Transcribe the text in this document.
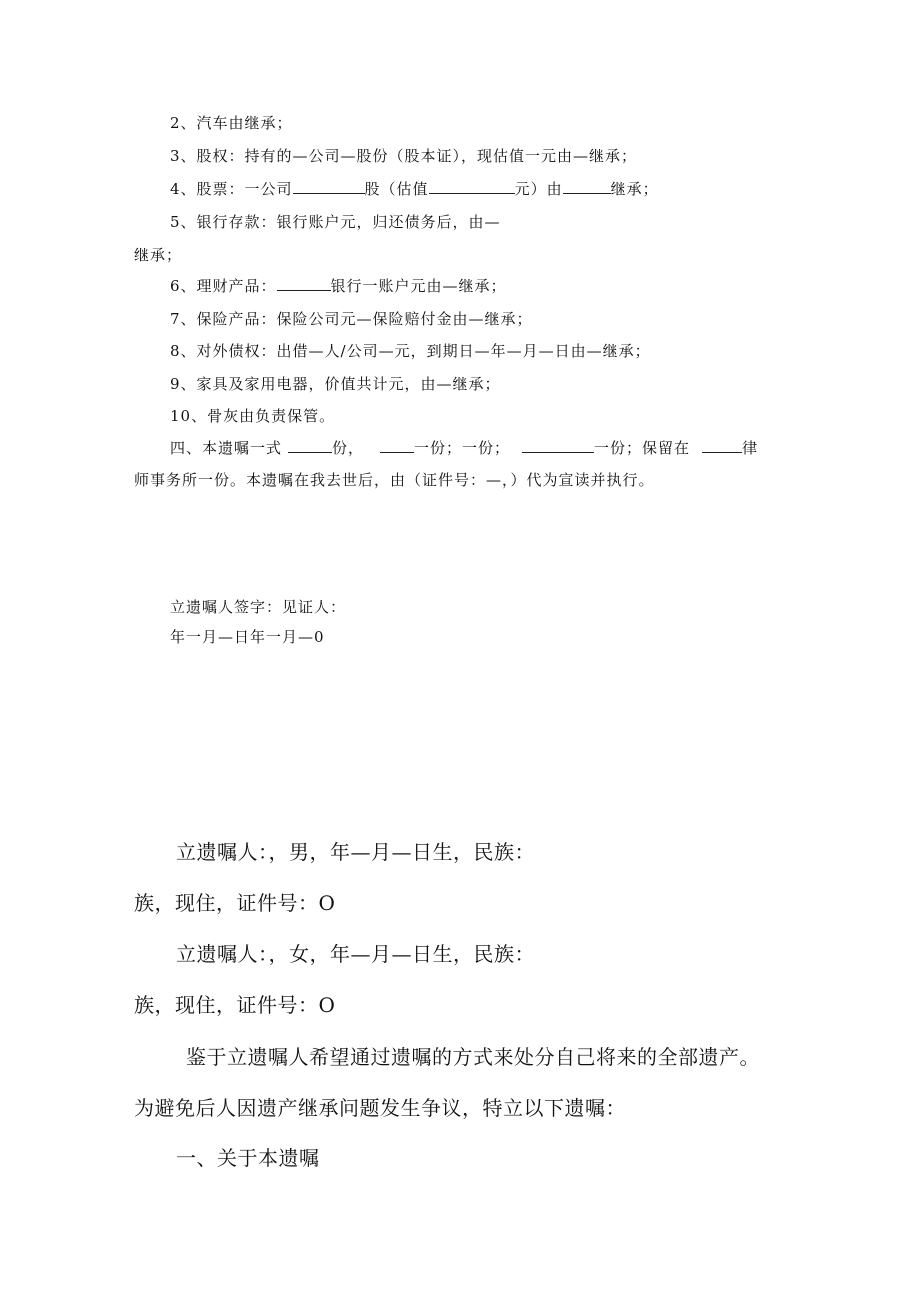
2、汽车由继承；
3、股权：持有的—公司—股份（股本证），现估值一元由—继承；
4、股票：一公司	股（估值	元）由	继承；
5、银行存款：银行账户元，归还债务后，由—
继承；
6、理财产品：	银行一账户元由—继承；
7、保险产品：保险公司元—保险赔付金由—继承；
8、对外债权：出借—人/公司—元，到期日—年—月—日由—继承；
9、家具及家用电器，价值共计元，由—继承；
10、骨灰由负责保管。
四、本遗嘱一式	份，	一份；一份；	一份；保留在	律
师事务所一份。本遗嘱在我去世后，由（证件号：—，）代为宣读并执行。
立遗嘱人签字：见证人：
年一月—日年一月—0
立遗嘱人：，男，年—月—日生，民族：
族，现住，证件号：O
立遗嘱人：，女，年—月—日生，民族：
族，现住，证件号：O
鉴于立遗嘱人希望通过遗嘱的方式来处分自己将来的全部遗产。
为避免后人因遗产继承问题发生争议，特立以下遗嘱：
一、关于本遗嘱
